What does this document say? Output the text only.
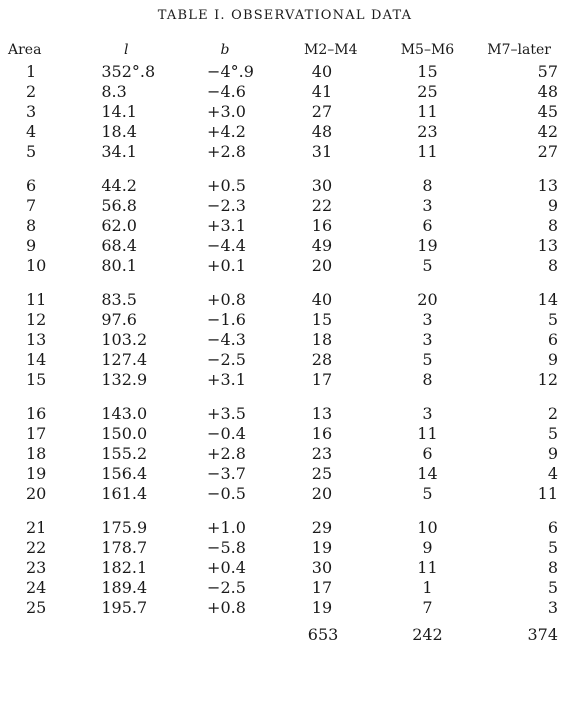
TABLE I. OBSERVATIONAL DATA
Area	l	b	M2–M4	M5–M6	M7–later
1	352°.8	−4°.9	40	15	57
2	8.3	−4.6	41	25	48
3	14.1	+3.0	27	11	45
4	18.4	+4.2	48	23	42
5	34.1	+2.8	31	11	27

6	44.2	+0.5	30	8	13
7	56.8	−2.3	22	3	9
8	62.0	+3.1	16	6	8
9	68.4	−4.4	49	19	13
10	80.1	+0.1	20	5	8

11	83.5	+0.8	40	20	14
12	97.6	−1.6	15	3	5
13	103.2	−4.3	18	3	6
14	127.4	−2.5	28	5	9
15	132.9	+3.1	17	8	12

16	143.0	+3.5	13	3	2
17	150.0	−0.4	16	11	5
18	155.2	+2.8	23	6	9
19	156.4	−3.7	25	14	4
20	161.4	−0.5	20	5	11

21	175.9	+1.0	29	10	6
22	178.7	−5.8	19	9	5
23	182.1	+0.4	30	11	8
24	189.4	−2.5	17	1	5
25	195.7	+0.8	19	7	3
			653	242	374
